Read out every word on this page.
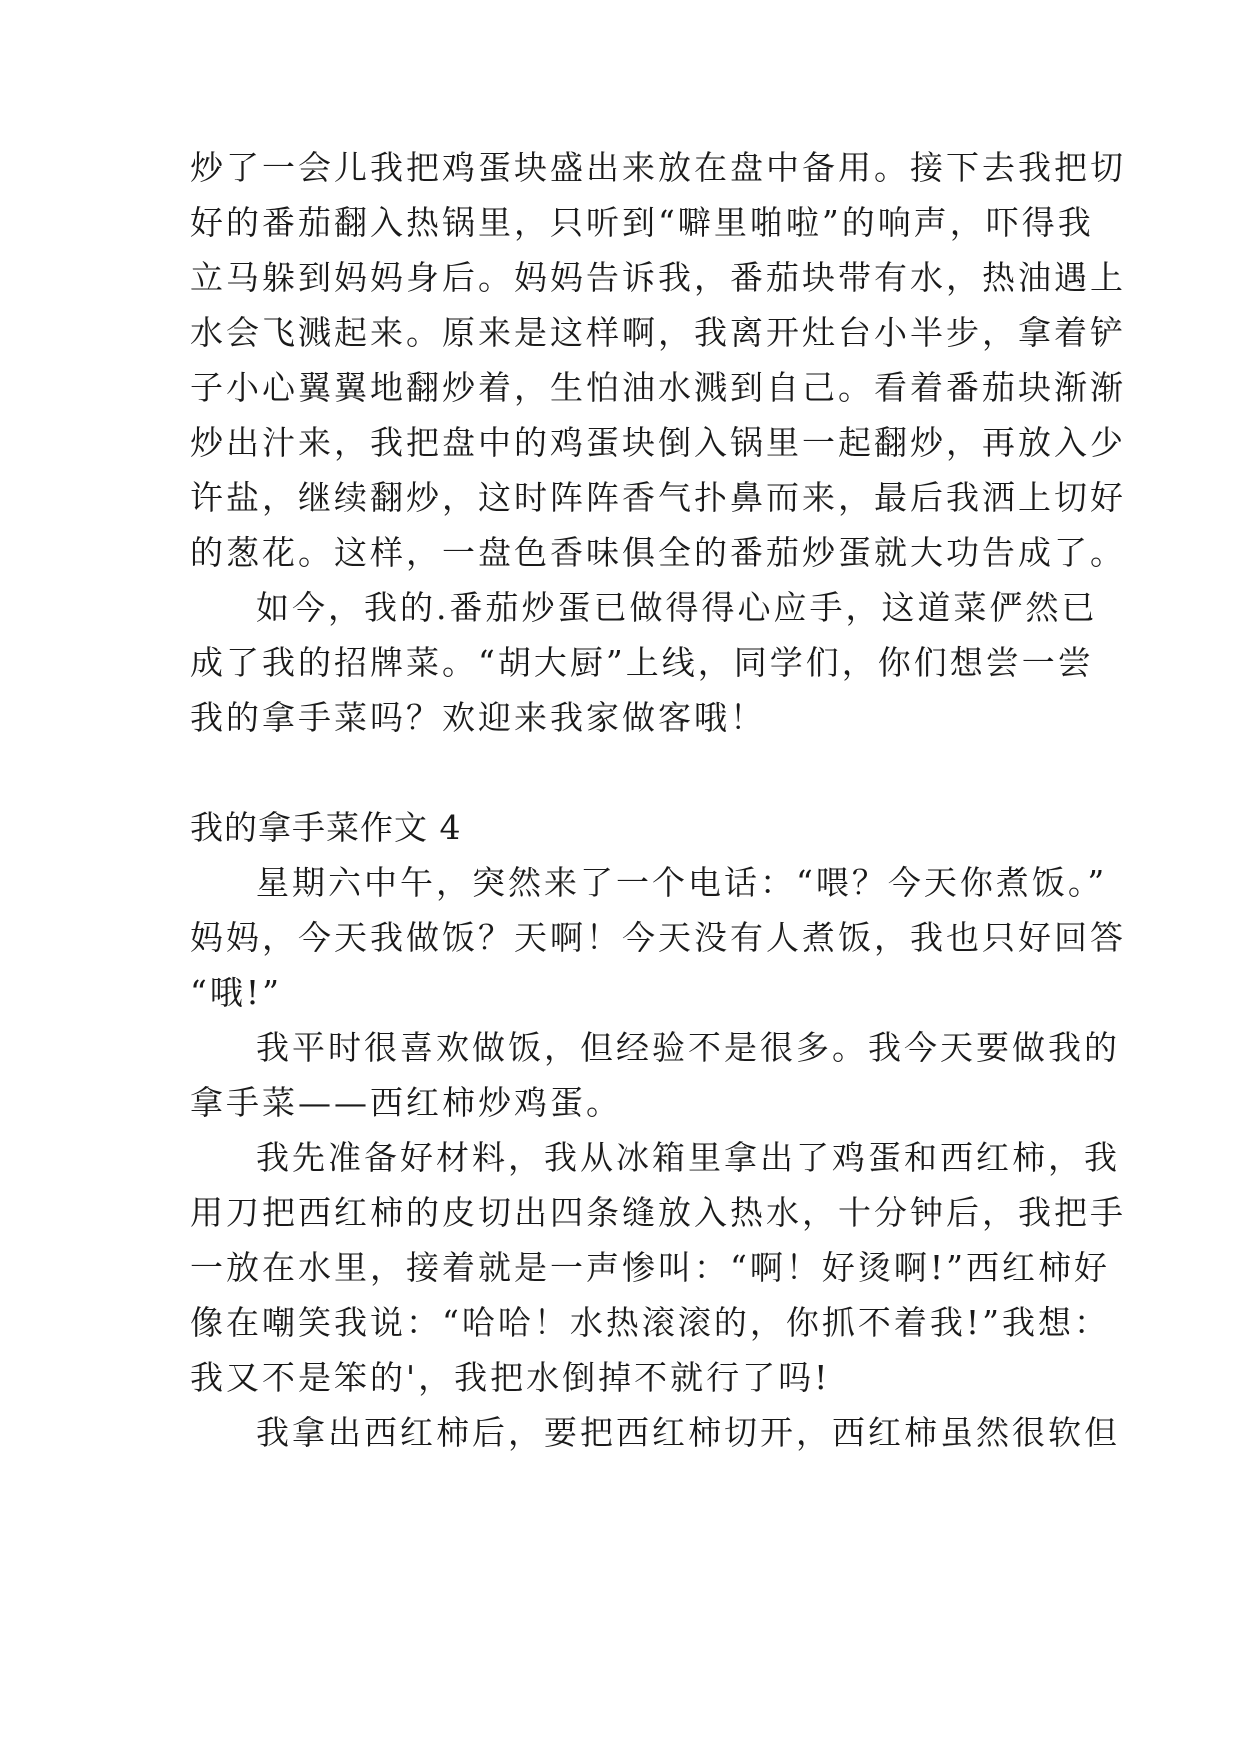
炒了一会儿我把鸡蛋块盛出来放在盘中备用。接下去我把切
好的番茄翻入热锅里，只听到“噼里啪啦”的响声，吓得我
立马躲到妈妈身后。妈妈告诉我，番茄块带有水，热油遇上
水会飞溅起来。原来是这样啊，我离开灶台小半步，拿着铲
子小心翼翼地翻炒着，生怕油水溅到自己。看着番茄块渐渐
炒出汁来，我把盘中的鸡蛋块倒入锅里一起翻炒，再放入少
许盐，继续翻炒，这时阵阵香气扑鼻而来，最后我洒上切好
的葱花。这样，一盘色香味俱全的番茄炒蛋就大功告成了。
如今，我的.番茄炒蛋已做得得心应手，这道菜俨然已
成了我的招牌菜。“胡大厨”上线，同学们，你们想尝一尝
我的拿手菜吗？欢迎来我家做客哦！
我的拿手菜作文 4
星期六中午，突然来了一个电话：“喂？今天你煮饭。”
妈妈，今天我做饭？天啊！今天没有人煮饭，我也只好回答
“哦!”
我平时很喜欢做饭，但经验不是很多。我今天要做我的
拿手菜——西红柿炒鸡蛋。
我先准备好材料，我从冰箱里拿出了鸡蛋和西红柿，我
用刀把西红柿的皮切出四条缝放入热水，十分钟后，我把手
一放在水里，接着就是一声惨叫：“啊！好烫啊!”西红柿好
像在嘲笑我说：“哈哈！水热滚滚的，你抓不着我!”我想：
我又不是笨的'，我把水倒掉不就行了吗!
我拿出西红柿后，要把西红柿切开，西红柿虽然很软但
